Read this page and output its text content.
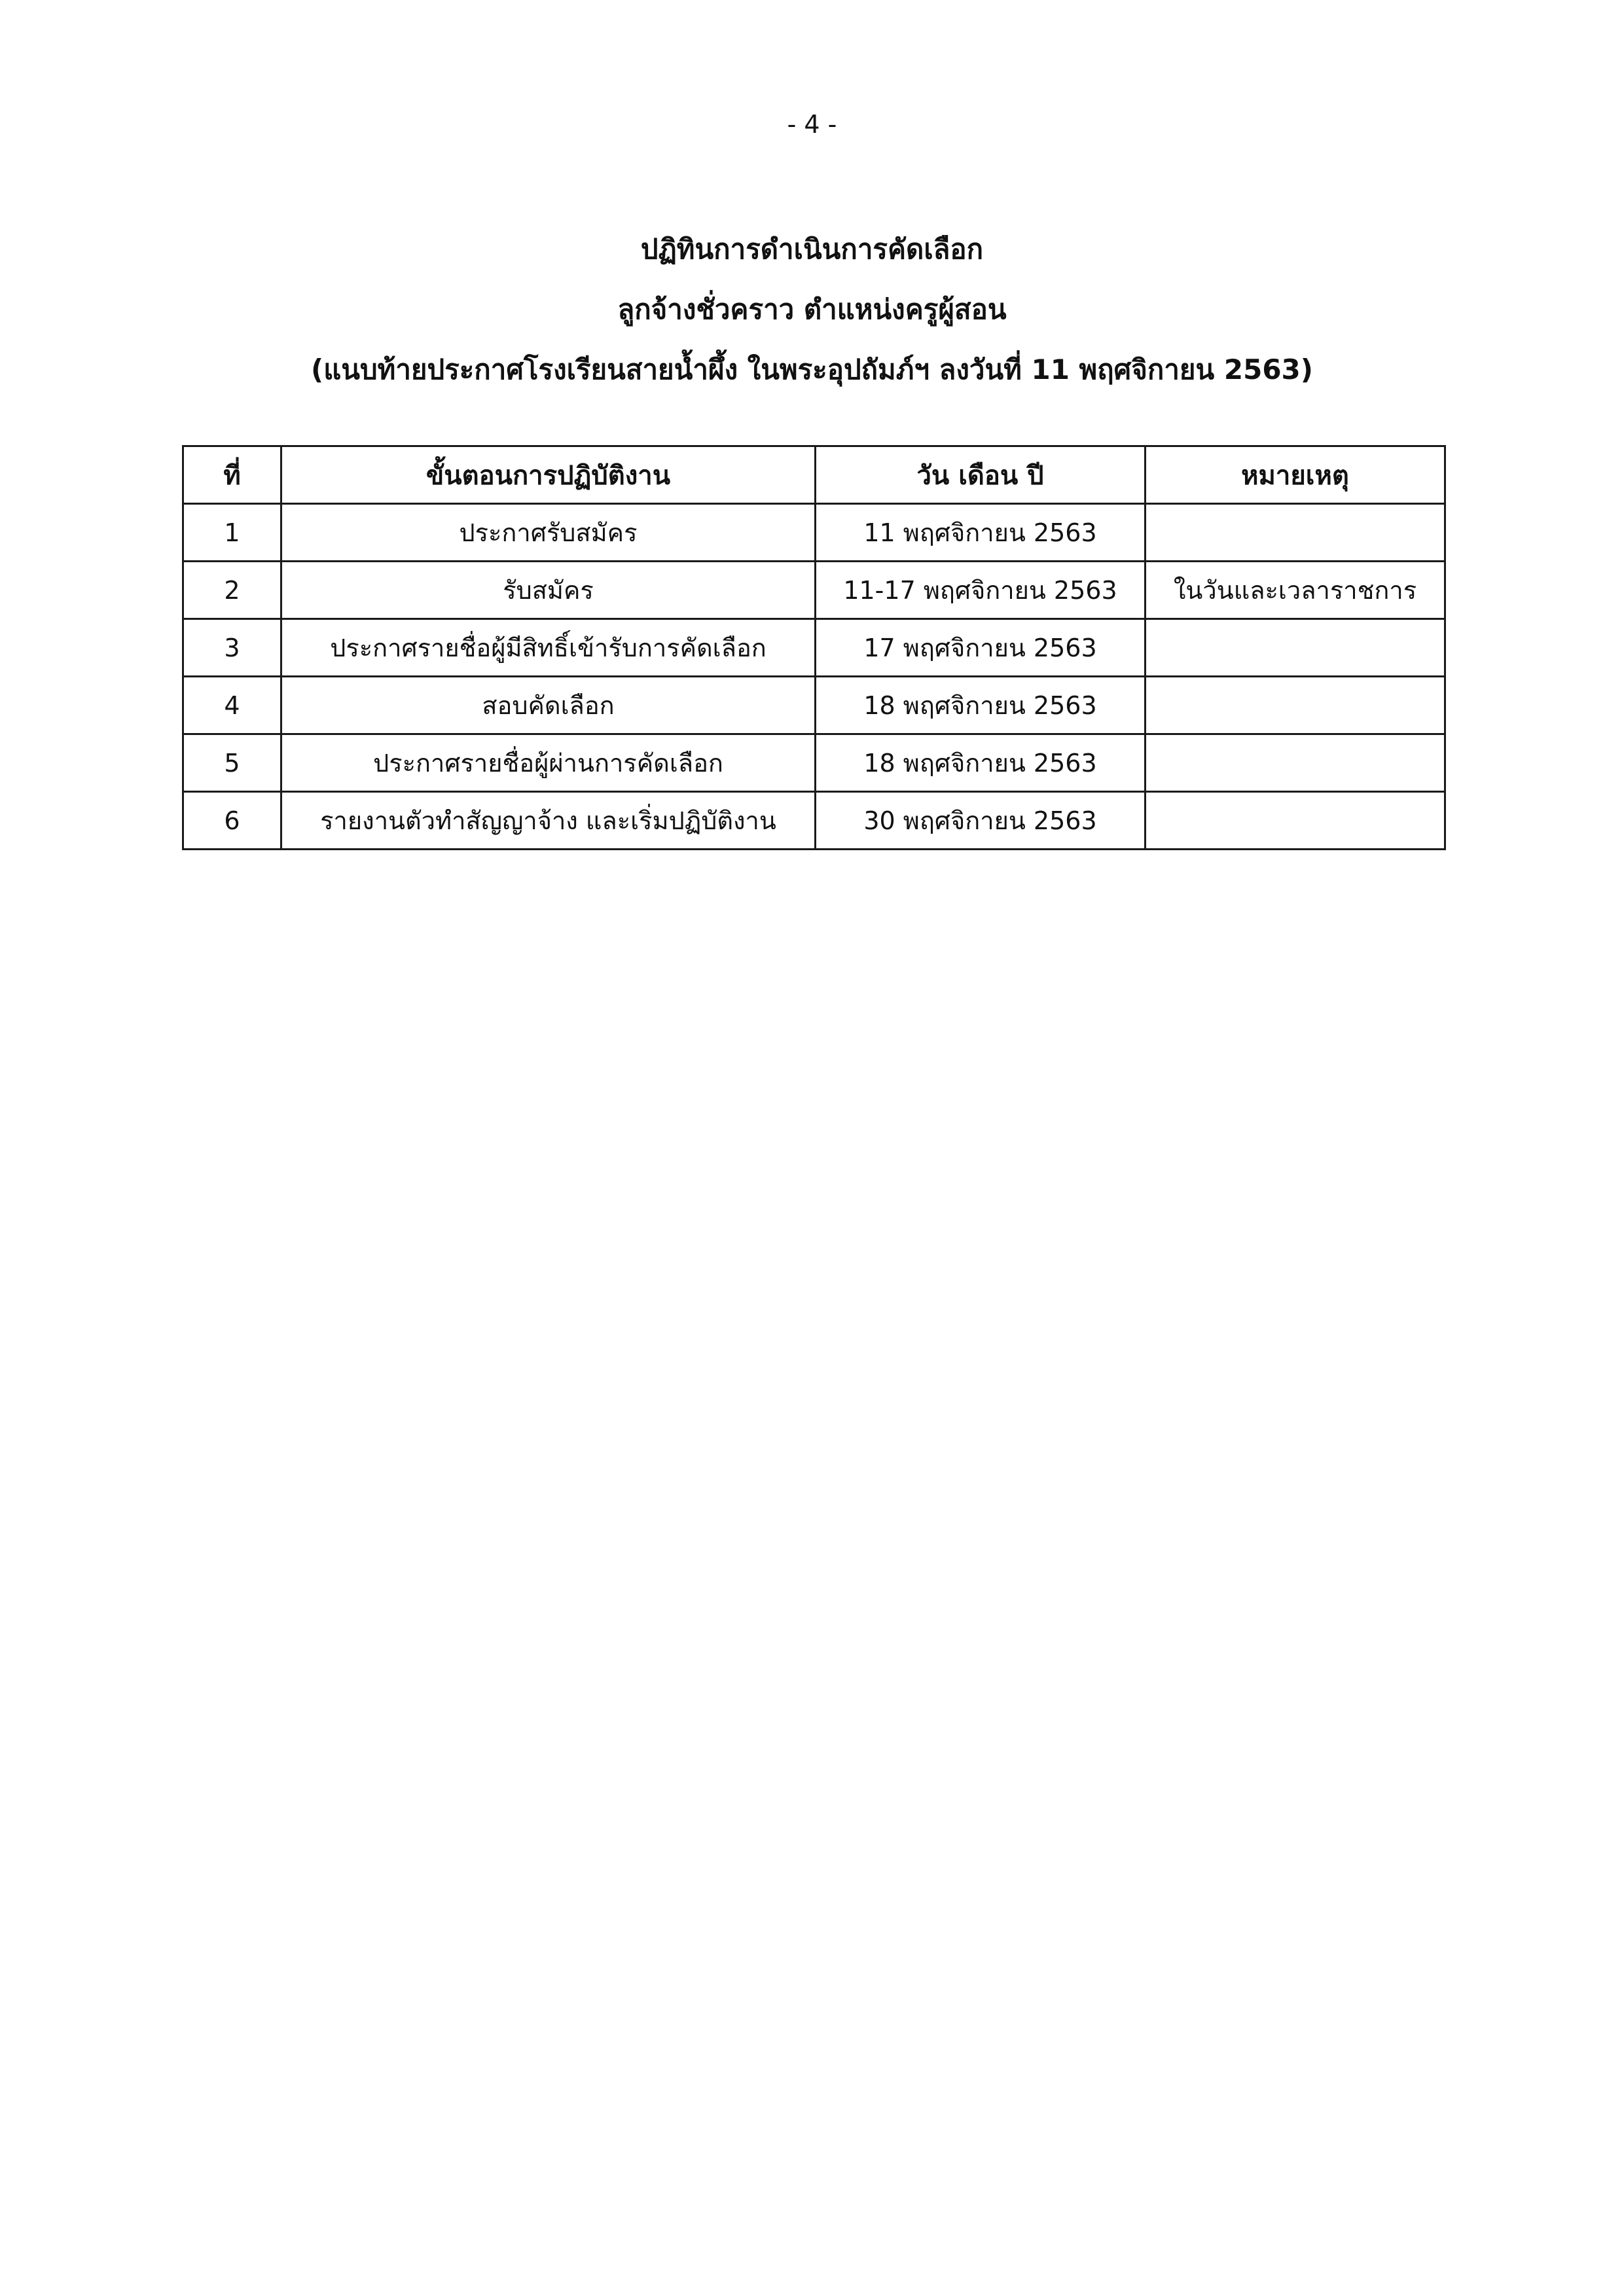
- 4 -
ปฏิทินการดำเนินการคัดเลือก
ลูกจ้างชั่วคราว ตำแหน่งครูผู้สอน
(แนบท้ายประกาศโรงเรียนสายน้ำผึ้ง ในพระอุปถัมภ์ฯ ลงวันที่ 11 พฤศจิกายน 2563)
ที่	ขั้นตอนการปฏิบัติงาน	วัน เดือน ปี	หมายเหตุ
1	ประกาศรับสมัคร	11 พฤศจิกายน 2563	
2	รับสมัคร	11-17 พฤศจิกายน 2563	ในวันและเวลาราชการ
3	ประกาศรายชื่อผู้มีสิทธิ์เข้ารับการคัดเลือก	17 พฤศจิกายน 2563	
4	สอบคัดเลือก	18 พฤศจิกายน 2563	
5	ประกาศรายชื่อผู้ผ่านการคัดเลือก	18 พฤศจิกายน 2563	
6	รายงานตัวทำสัญญาจ้าง และเริ่มปฏิบัติงาน	30 พฤศจิกายน 2563	
